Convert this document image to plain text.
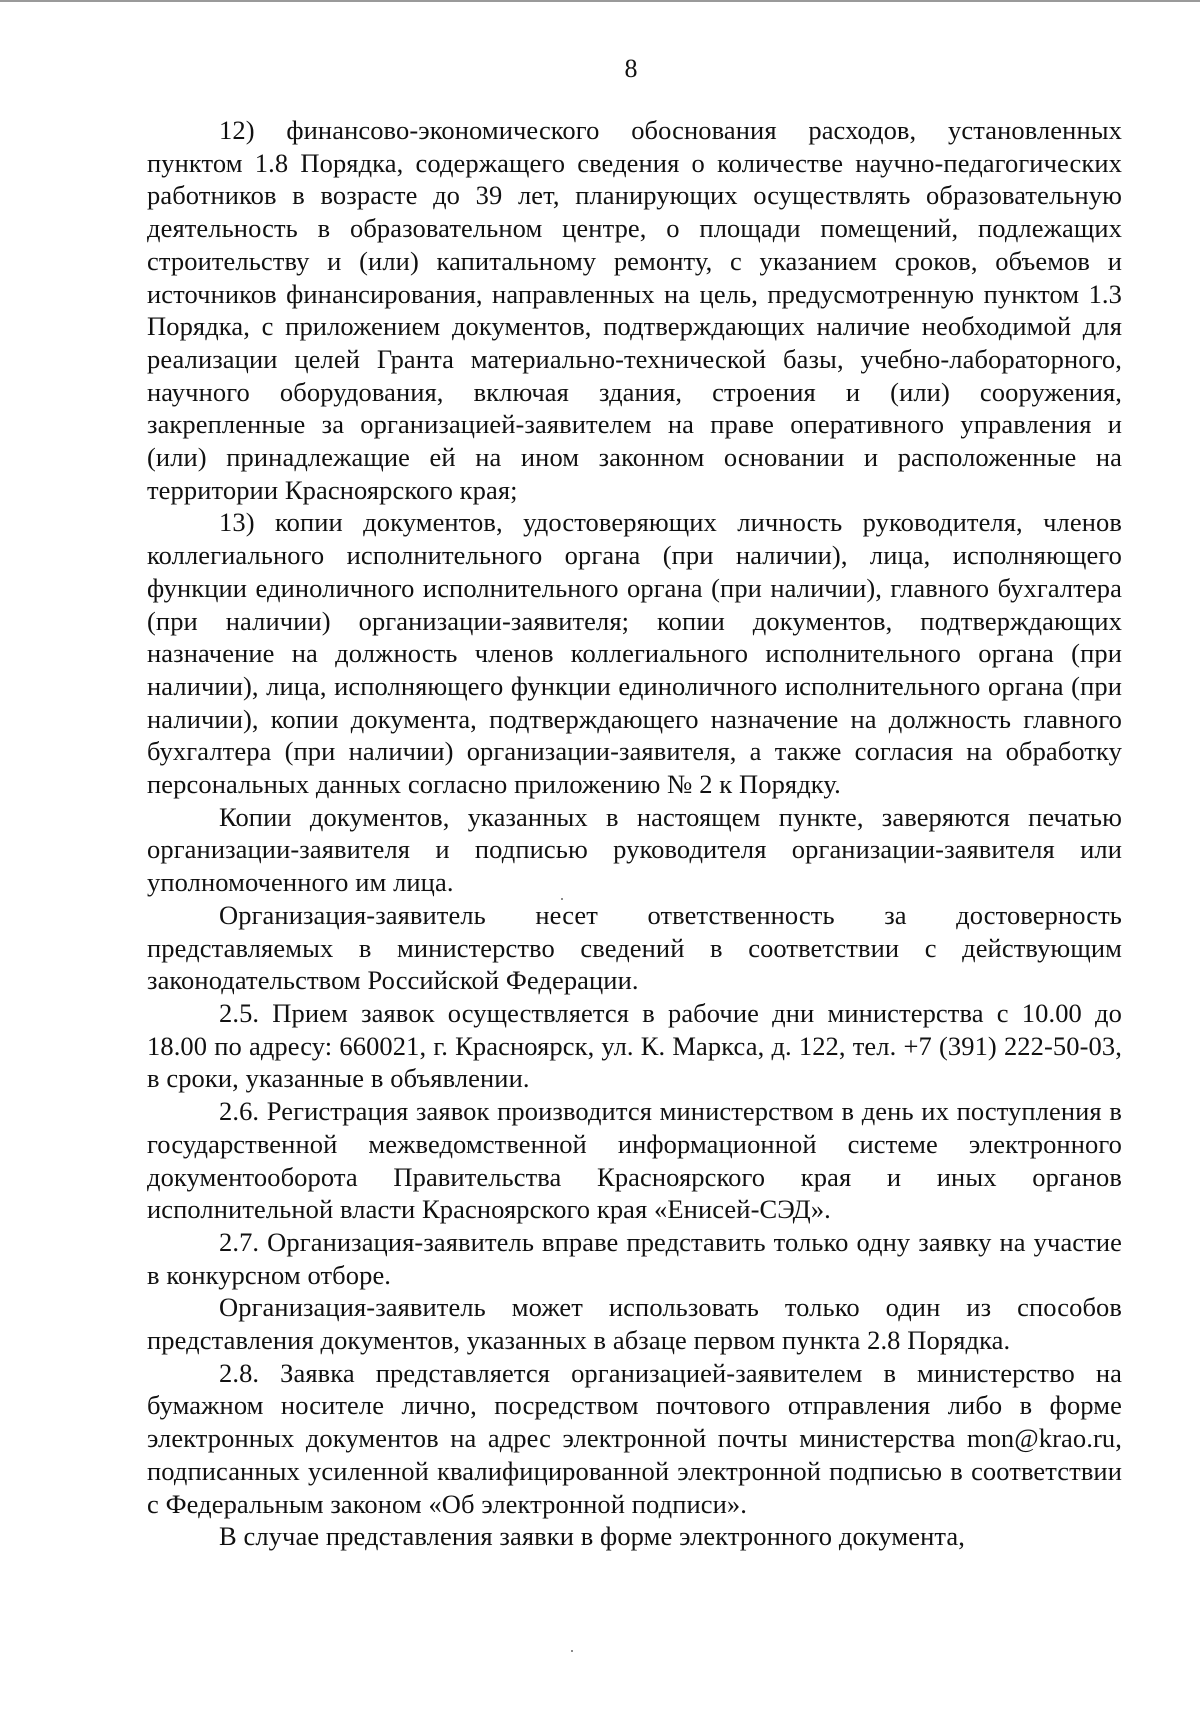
8

12) финансово-экономического обоснования расходов, установленных пунктом 1.8 Порядка, содержащего сведения о количестве научно-педагогических работников в возрасте до 39 лет, планирующих осуществлять образовательную деятельность в образовательном центре, о площади помещений, подлежащих строительству и (или) капитальному ремонту, с указанием сроков, объемов и источников финансирования, направленных на цель, предусмотренную пунктом 1.3 Порядка, с приложением документов, подтверждающих наличие необходимой для реализации целей Гранта материально-технической базы, учебно-лабораторного, научного оборудования, включая здания, строения и (или) сооружения, закрепленные за организацией-заявителем на праве оперативного управления и (или) принадлежащие ей на ином законном основании и расположенные на территории Красноярского края;

13) копии документов, удостоверяющих личность руководителя, членов коллегиального исполнительного органа (при наличии), лица, исполняющего функции единоличного исполнительного органа (при наличии), главного бухгалтера (при наличии) организации-заявителя; копии документов, подтверждающих назначение на должность членов коллегиального исполнительного органа (при наличии), лица, исполняющего функции единоличного исполнительного органа (при наличии), копии документа, подтверждающего назначение на должность главного бухгалтера (при наличии) организации-заявителя, а также согласия на обработку персональных данных согласно приложению № 2 к Порядку.

Копии документов, указанных в настоящем пункте, заверяются печатью организации-заявителя и подписью руководителя организации-заявителя или уполномоченного им лица.

Организация-заявитель несет ответственность за достоверность представляемых в министерство сведений в соответствии с действующим законодательством Российской Федерации.

2.5. Прием заявок осуществляется в рабочие дни министерства с 10.00 до 18.00 по адресу: 660021, г. Красноярск, ул. К. Маркса, д. 122, тел. +7 (391) 222-50-03, в сроки, указанные в объявлении.

2.6. Регистрация заявок производится министерством в день их поступления в государственной межведомственной информационной системе электронного документооборота Правительства Красноярского края и иных органов исполнительной власти Красноярского края «Енисей-СЭД».

2.7. Организация-заявитель вправе представить только одну заявку на участие в конкурсном отборе.

Организация-заявитель может использовать только один из способов представления документов, указанных в абзаце первом пункта 2.8 Порядка.

2.8. Заявка представляется организацией-заявителем в министерство на бумажном носителе лично, посредством почтового отправления либо в форме электронных документов на адрес электронной почты министерства mon@krao.ru, подписанных усиленной квалифицированной электронной подписью в соответствии с Федеральным законом «Об электронной подписи».

В случае представления заявки в форме электронного документа,
